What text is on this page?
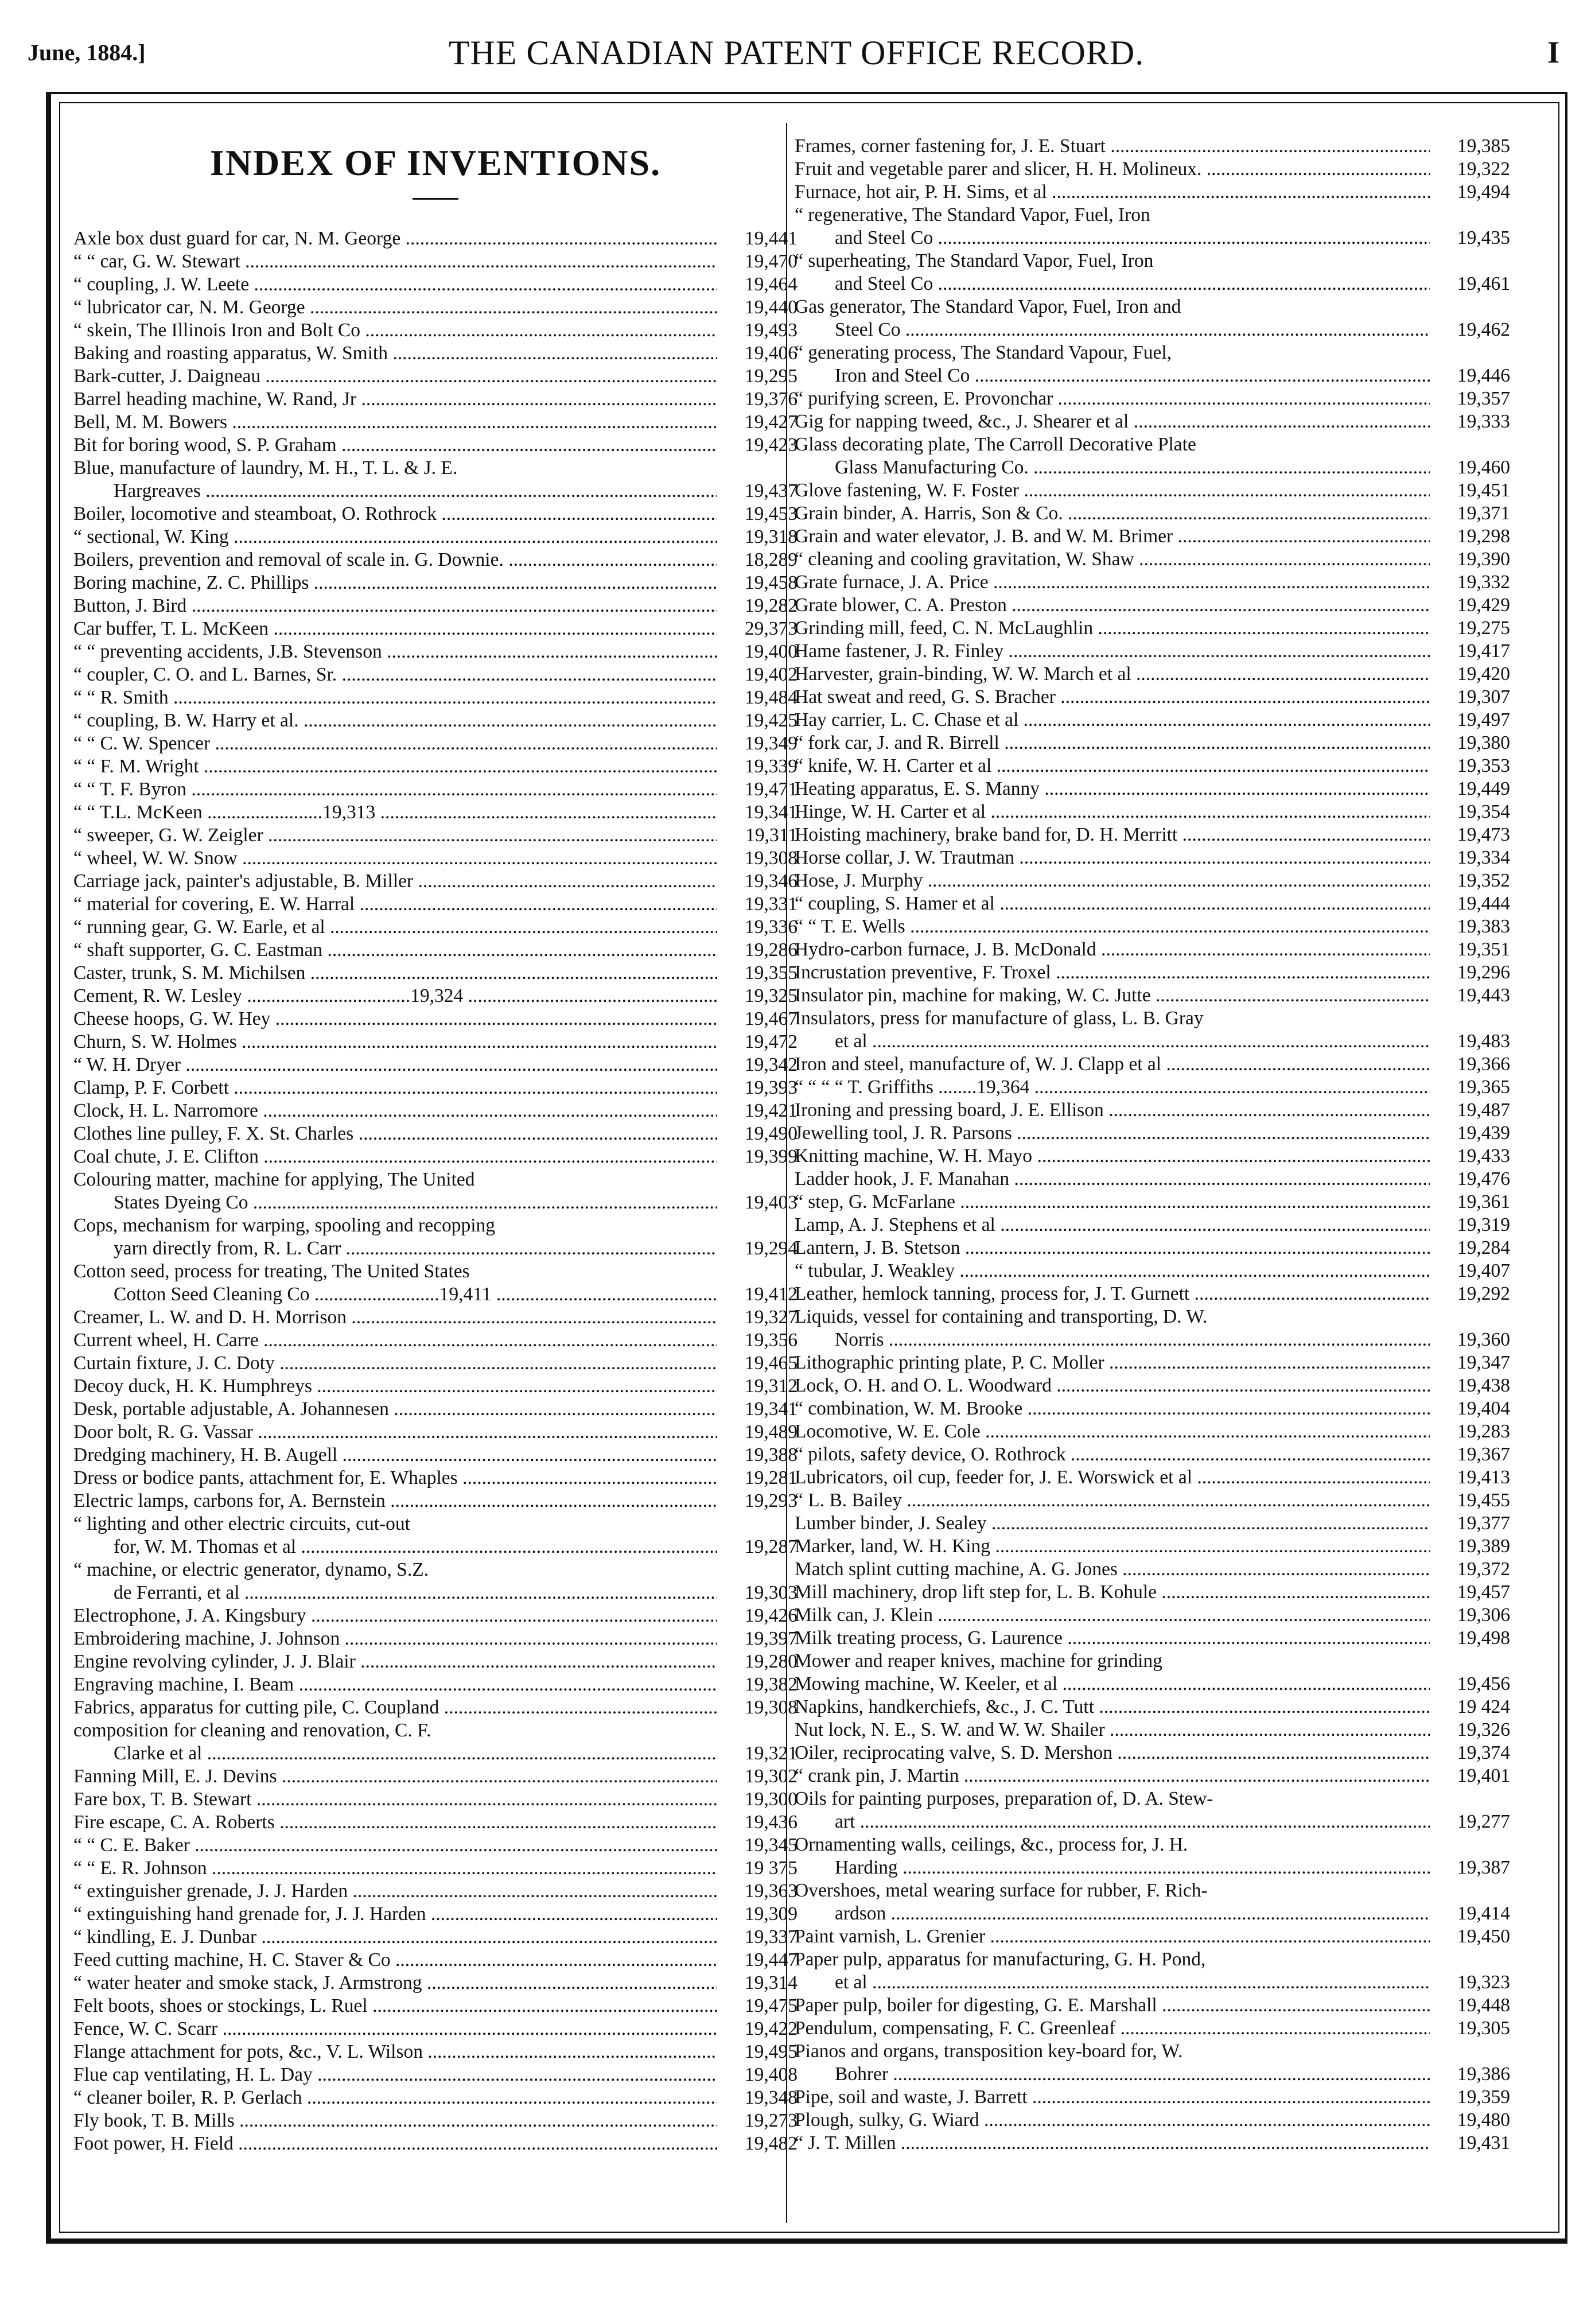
June, 1884.]	THE CANADIAN PATENT OFFICE RECORD.	I
INDEX OF INVENTIONS.
Axle box dust guard for car, N. M. George .....	19,441
“ “ car, G. W. Stewart .....	19,470
“ coupling, J. W. Leete .....	19,464
“ lubricator car, N. M. George .....	19,440
“ skein, The Illinois Iron and Bolt Co .....	19,493
Baking and roasting apparatus, W. Smith .....	19,406
Bark-cutter, J. Daigneau .....	19,295
Barrel heading machine, W. Rand, Jr .....	19,376
Bell, M. M. Bowers .....	19,427
Bit for boring wood, S. P. Graham .....	19,423
Blue, manufacture of laundry, M. H., T. L. & J. E.
Hargreaves .....	19,437
Boiler, locomotive and steamboat, O. Rothrock .....	19,453
“ sectional, W. King .....	19,318
Boilers, prevention and removal of scale in. G. Downie. .....	18,289
Boring machine, Z. C. Phillips .....	19,458
Button, J. Bird .....	19,282
Car buffer, T. L. McKeen .....	29,373
“ “ preventing accidents, J.B. Stevenson .....	19,400
“ coupler, C. O. and L. Barnes, Sr. .....	19,402
“ “ R. Smith .....	19,484
“ coupling, B. W. Harry et al. .....	19,425
“ “ C. W. Spencer .....	19,349
“ “ F. M. Wright .....	19,339
“ “ T. F. Byron .....	19,471
“ “ T.L. McKeen ........................19,313 .....	19,341
“ sweeper, G. W. Zeigler .....	19,311
“ wheel, W. W. Snow .....	19,308
Carriage jack, painter's adjustable, B. Miller .....	19,346
“ material for covering, E. W. Harral .....	19,331
“ running gear, G. W. Earle, et al .....	19,336
“ shaft supporter, G. C. Eastman .....	19,286
Caster, trunk, S. M. Michilsen .....	19,355
Cement, R. W. Lesley ..................................19,324 .....	19,325
Cheese hoops, G. W. Hey .....	19,467
Churn, S. W. Holmes .....	19,472
“ W. H. Dryer .....	19,342
Clamp, P. F. Corbett .....	19,393
Clock, H. L. Narromore .....	19,421
Clothes line pulley, F. X. St. Charles .....	19,490
Coal chute, J. E. Clifton .....	19,399
Colouring matter, machine for applying, The United
States Dyeing Co .....	19,403
Cops, mechanism for warping, spooling and recopping
yarn directly from, R. L. Carr .....	19,294
Cotton seed, process for treating, The United States
Cotton Seed Cleaning Co ..........................19,411 .....	19,412
Creamer, L. W. and D. H. Morrison .....	19,327
Current wheel, H. Carre .....	19,356
Curtain fixture, J. C. Doty .....	19,465
Decoy duck, H. K. Humphreys .....	19,312
Desk, portable adjustable, A. Johannesen .....	19,341
Door bolt, R. G. Vassar .....	19,489
Dredging machinery, H. B. Augell .....	19,388
Dress or bodice pants, attachment for, E. Whaples .....	19,281
Electric lamps, carbons for, A. Bernstein .....	19,293
“ lighting and other electric circuits, cut-out
for, W. M. Thomas et al .....	19,287
“ machine, or electric generator, dynamo, S.Z.
de Ferranti, et al .....	19,303
Electrophone, J. A. Kingsbury .....	19,426
Embroidering machine, J. Johnson .....	19,397
Engine revolving cylinder, J. J. Blair .....	19,280
Engraving machine, I. Beam .....	19,382
Fabrics, apparatus for cutting pile, C. Coupland .....	19,308
composition for cleaning and renovation, C. F.
Clarke et al .....	19,321
Fanning Mill, E. J. Devins .....	19,302
Fare box, T. B. Stewart .....	19,300
Fire escape, C. A. Roberts .....	19,436
“ “ C. E. Baker .....	19,345
“ “ E. R. Johnson .....	19 375
“ extinguisher grenade, J. J. Harden .....	19,363
“ extinguishing hand grenade for, J. J. Harden .....	19,309
“ kindling, E. J. Dunbar .....	19,337
Feed cutting machine, H. C. Staver & Co .....	19,447
“ water heater and smoke stack, J. Armstrong .....	19,314
Felt boots, shoes or stockings, L. Ruel .....	19,475
Fence, W. C. Scarr .....	19,422
Flange attachment for pots, &c., V. L. Wilson .....	19,495
Flue cap ventilating, H. L. Day .....	19,408
“ cleaner boiler, R. P. Gerlach .....	19,348
Fly book, T. B. Mills .....	19,273
Foot power, H. Field .....	19,482
Frames, corner fastening for, J. E. Stuart .....	19,385
Fruit and vegetable parer and slicer, H. H. Molineux. .....	19,322
Furnace, hot air, P. H. Sims, et al .....	19,494
“ regenerative, The Standard Vapor, Fuel, Iron
and Steel Co .....	19,435
“ superheating, The Standard Vapor, Fuel, Iron
and Steel Co .....	19,461
Gas generator, The Standard Vapor, Fuel, Iron and
Steel Co .....	19,462
“ generating process, The Standard Vapour, Fuel,
Iron and Steel Co .....	19,446
“ purifying screen, E. Provonchar .....	19,357
Gig for napping tweed, &c., J. Shearer et al .....	19,333
Glass decorating plate, The Carroll Decorative Plate
Glass Manufacturing Co. .....	19,460
Glove fastening, W. F. Foster .....	19,451
Grain binder, A. Harris, Son & Co. .....	19,371
Grain and water elevator, J. B. and W. M. Brimer .....	19,298
“ cleaning and cooling gravitation, W. Shaw .....	19,390
Grate furnace, J. A. Price .....	19,332
Grate blower, C. A. Preston .....	19,429
Grinding mill, feed, C. N. McLaughlin .....	19,275
Hame fastener, J. R. Finley .....	19,417
Harvester, grain-binding, W. W. March et al .....	19,420
Hat sweat and reed, G. S. Bracher .....	19,307
Hay carrier, L. C. Chase et al .....	19,497
“ fork car, J. and R. Birrell .....	19,380
“ knife, W. H. Carter et al .....	19,353
Heating apparatus, E. S. Manny .....	19,449
Hinge, W. H. Carter et al .....	19,354
Hoisting machinery, brake band for, D. H. Merritt .....	19,473
Horse collar, J. W. Trautman .....	19,334
Hose, J. Murphy .....	19,352
“ coupling, S. Hamer et al .....	19,444
“ “ T. E. Wells .....	19,383
Hydro-carbon furnace, J. B. McDonald .....	19,351
Incrustation preventive, F. Troxel .....	19,296
Insulator pin, machine for making, W. C. Jutte .....	19,443
Insulators, press for manufacture of glass, L. B. Gray
et al .....	19,483
Iron and steel, manufacture of, W. J. Clapp et al .....	19,366
“ “ “ “ T. Griffiths ........19,364 .....	19,365
Ironing and pressing board, J. E. Ellison .....	19,487
Jewelling tool, J. R. Parsons .....	19,439
Knitting machine, W. H. Mayo .....	19,433
Ladder hook, J. F. Manahan .....	19,476
“ step, G. McFarlane .....	19,361
Lamp, A. J. Stephens et al .....	19,319
Lantern, J. B. Stetson .....	19,284
“ tubular, J. Weakley .....	19,407
Leather, hemlock tanning, process for, J. T. Gurnett .....	19,292
Liquids, vessel for containing and transporting, D. W.
Norris .....	19,360
Lithographic printing plate, P. C. Moller .....	19,347
Lock, O. H. and O. L. Woodward .....	19,438
“ combination, W. M. Brooke .....	19,404
Locomotive, W. E. Cole .....	19,283
“ pilots, safety device, O. Rothrock .....	19,367
Lubricators, oil cup, feeder for, J. E. Worswick et al .....	19,413
“ L. B. Bailey .....	19,455
Lumber binder, J. Sealey .....	19,377
Marker, land, W. H. King .....	19,389
Match splint cutting machine, A. G. Jones .....	19,372
Mill machinery, drop lift step for, L. B. Kohule .....	19,457
Milk can, J. Klein .....	19,306
Milk treating process, G. Laurence .....	19,498
Mower and reaper knives, machine for grinding
Mowing machine, W. Keeler, et al .....	19,456
Napkins, handkerchiefs, &c., J. C. Tutt .....	19 424
Nut lock, N. E., S. W. and W. W. Shailer .....	19,326
Oiler, reciprocating valve, S. D. Mershon .....	19,374
“ crank pin, J. Martin .....	19,401
Oils for painting purposes, preparation of, D. A. Stew-
art .....	19,277
Ornamenting walls, ceilings, &c., process for, J. H.
Harding .....	19,387
Overshoes, metal wearing surface for rubber, F. Rich-
ardson .....	19,414
Paint varnish, L. Grenier .....	19,450
Paper pulp, apparatus for manufacturing, G. H. Pond,
et al .....	19,323
Paper pulp, boiler for digesting, G. E. Marshall .....	19,448
Pendulum, compensating, F. C. Greenleaf .....	19,305
Pianos and organs, transposition key-board for, W.
Bohrer .....	19,386
Pipe, soil and waste, J. Barrett .....	19,359
Plough, sulky, G. Wiard .....	19,480
“ J. T. Millen .....	19,431
